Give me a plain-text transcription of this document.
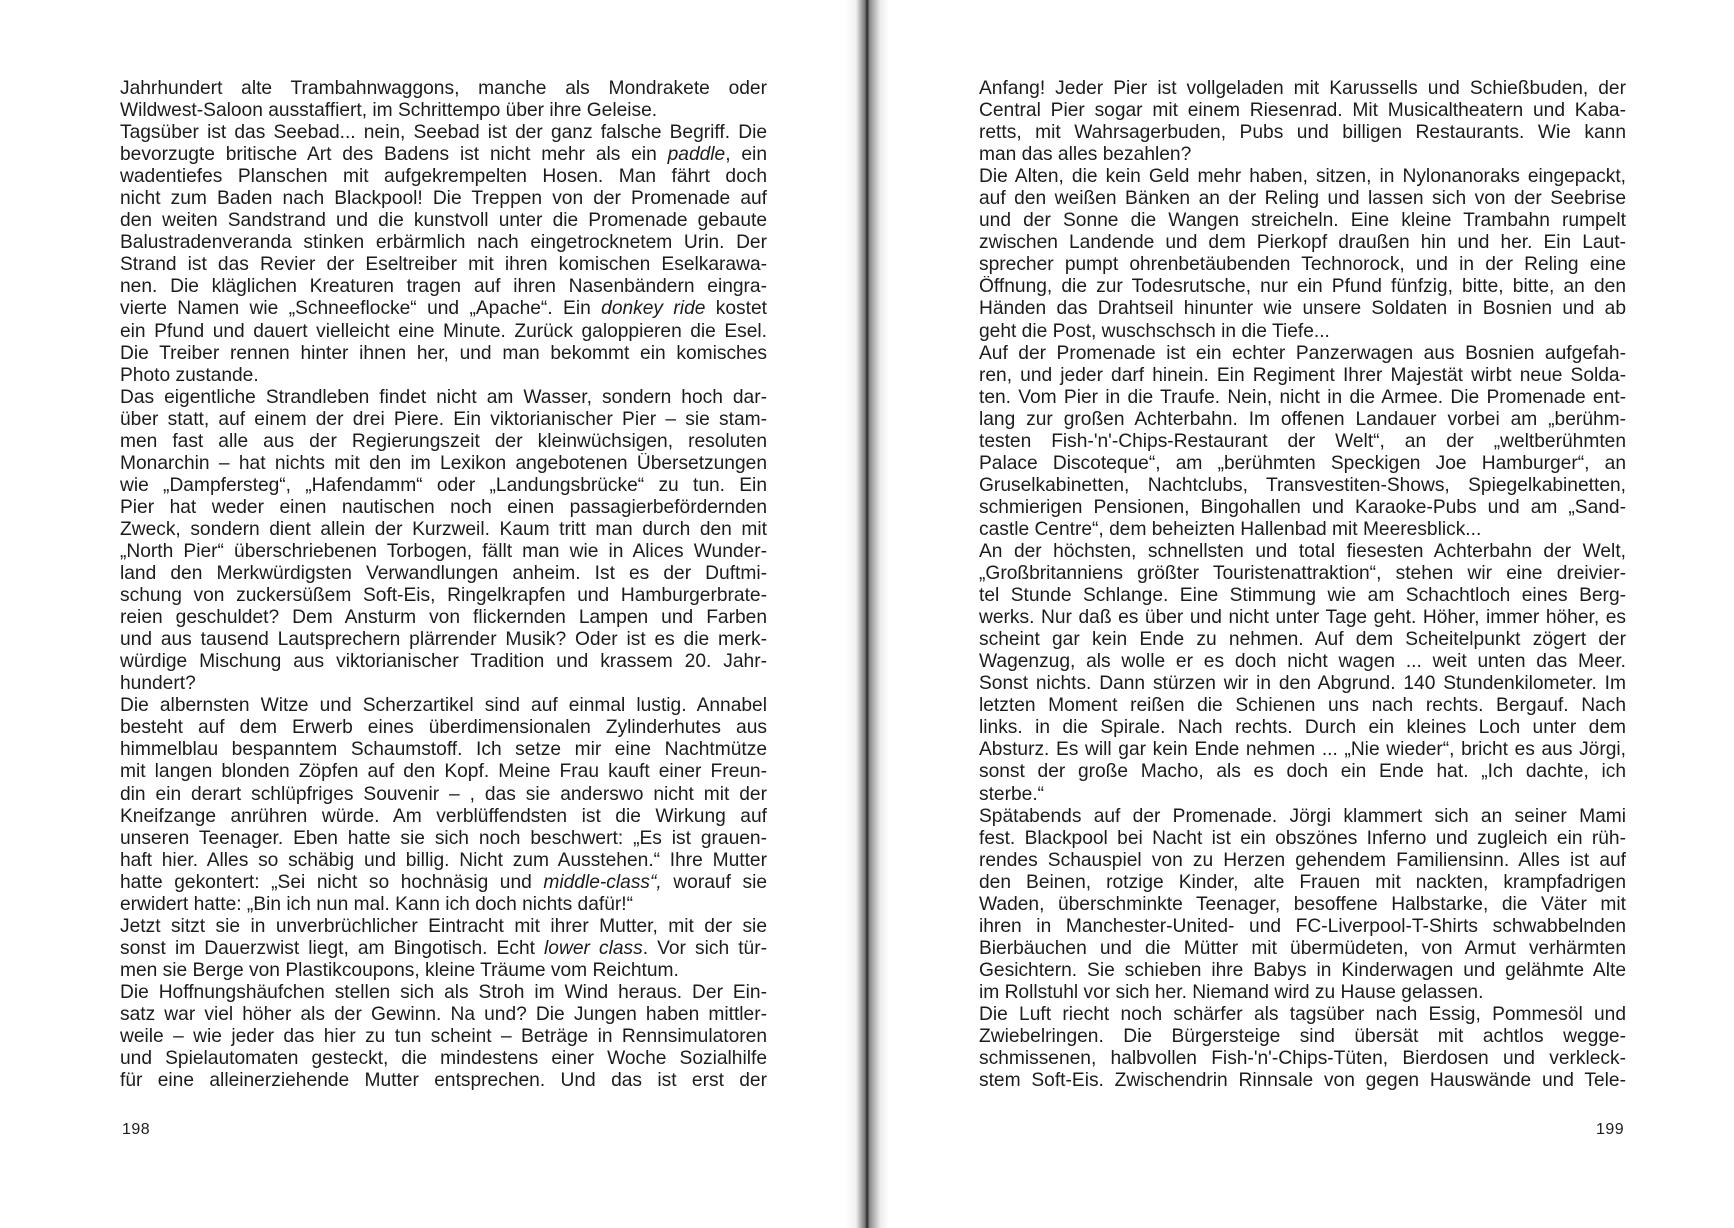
Jahrhundert alte Trambahnwaggons, manche als Mondrakete oder
Wildwest-Saloon ausstaffiert, im Schrittempo über ihre Geleise.
Tagsüber ist das Seebad... nein, Seebad ist der ganz falsche Begriff. Die
bevorzugte britische Art des Badens ist nicht mehr als ein paddle, ein
wadentiefes Planschen mit aufgekrempelten Hosen. Man fährt doch
nicht zum Baden nach Blackpool! Die Treppen von der Promenade auf
den weiten Sandstrand und die kunstvoll unter die Promenade gebaute
Balustradenveranda stinken erbärmlich nach eingetrocknetem Urin. Der
Strand ist das Revier der Eseltreiber mit ihren komischen Eselkarawa-
nen. Die kläglichen Kreaturen tragen auf ihren Nasenbändern eingra-
vierte Namen wie „Schneeflocke“ und „Apache“. Ein donkey ride kostet
ein Pfund und dauert vielleicht eine Minute. Zurück galoppieren die Esel.
Die Treiber rennen hinter ihnen her, und man bekommt ein komisches
Photo zustande.
Das eigentliche Strandleben findet nicht am Wasser, sondern hoch dar-
über statt, auf einem der drei Piere. Ein viktorianischer Pier – sie stam-
men fast alle aus der Regierungszeit der kleinwüchsigen, resoluten
Monarchin – hat nichts mit den im Lexikon angebotenen Übersetzungen
wie „Dampfersteg“, „Hafendamm“ oder „Landungsbrücke“ zu tun. Ein
Pier hat weder einen nautischen noch einen passagierbefördernden
Zweck, sondern dient allein der Kurzweil. Kaum tritt man durch den mit
„North Pier“ überschriebenen Torbogen, fällt man wie in Alices Wunder-
land den Merkwürdigsten Verwandlungen anheim. Ist es der Duftmi-
schung von zuckersüßem Soft-Eis, Ringelkrapfen und Hamburgerbrate-
reien geschuldet? Dem Ansturm von flickernden Lampen und Farben
und aus tausend Lautsprechern plärrender Musik? Oder ist es die merk-
würdige Mischung aus viktorianischer Tradition und krassem 20. Jahr-
hundert?
Die albernsten Witze und Scherzartikel sind auf einmal lustig. Annabel
besteht auf dem Erwerb eines überdimensionalen Zylinderhutes aus
himmelblau bespanntem Schaumstoff. Ich setze mir eine Nachtmütze
mit langen blonden Zöpfen auf den Kopf. Meine Frau kauft einer Freun-
din ein derart schlüpfriges Souvenir – , das sie anderswo nicht mit der
Kneifzange anrühren würde. Am verblüffendsten ist die Wirkung auf
unseren Teenager. Eben hatte sie sich noch beschwert: „Es ist grauen-
haft hier. Alles so schäbig und billig. Nicht zum Ausstehen.“ Ihre Mutter
hatte gekontert: „Sei nicht so hochnäsig und middle-class“, worauf sie
erwidert hatte: „Bin ich nun mal. Kann ich doch nichts dafür!“
Jetzt sitzt sie in unverbrüchlicher Eintracht mit ihrer Mutter, mit der sie
sonst im Dauerzwist liegt, am Bingotisch. Echt lower class. Vor sich tür-
men sie Berge von Plastikcoupons, kleine Träume vom Reichtum.
Die Hoffnungshäufchen stellen sich als Stroh im Wind heraus. Der Ein-
satz war viel höher als der Gewinn. Na und? Die Jungen haben mittler-
weile – wie jeder das hier zu tun scheint – Beträge in Rennsimulatoren
und Spielautomaten gesteckt, die mindestens einer Woche Sozialhilfe
für eine alleinerziehende Mutter entsprechen. Und das ist erst der
198
Anfang! Jeder Pier ist vollgeladen mit Karussells und Schießbuden, der
Central Pier sogar mit einem Riesenrad. Mit Musicaltheatern und Kaba-
retts, mit Wahrsagerbuden, Pubs und billigen Restaurants. Wie kann
man das alles bezahlen?
Die Alten, die kein Geld mehr haben, sitzen, in Nylonanoraks eingepackt,
auf den weißen Bänken an der Reling und lassen sich von der Seebrise
und der Sonne die Wangen streicheln. Eine kleine Trambahn rumpelt
zwischen Landende und dem Pierkopf draußen hin und her. Ein Laut-
sprecher pumpt ohrenbetäubenden Technorock, und in der Reling eine
Öffnung, die zur Todesrutsche, nur ein Pfund fünfzig, bitte, bitte, an den
Händen das Drahtseil hinunter wie unsere Soldaten in Bosnien und ab
geht die Post, wuschschsch in die Tiefe...
Auf der Promenade ist ein echter Panzerwagen aus Bosnien aufgefah-
ren, und jeder darf hinein. Ein Regiment Ihrer Majestät wirbt neue Solda-
ten. Vom Pier in die Traufe. Nein, nicht in die Armee. Die Promenade ent-
lang zur großen Achterbahn. Im offenen Landauer vorbei am „berühm-
testen Fish-'n'-Chips-Restaurant der Welt“, an der „weltberühmten
Palace Discoteque“, am „berühmten Speckigen Joe Hamburger“, an
Gruselkabinetten, Nachtclubs, Transvestiten-Shows, Spiegelkabinetten,
schmierigen Pensionen, Bingohallen und Karaoke-Pubs und am „Sand-
castle Centre“, dem beheizten Hallenbad mit Meeresblick...
An der höchsten, schnellsten und total fiesesten Achterbahn der Welt,
„Großbritanniens größter Touristenattraktion“, stehen wir eine dreivier-
tel Stunde Schlange. Eine Stimmung wie am Schachtloch eines Berg-
werks. Nur daß es über und nicht unter Tage geht. Höher, immer höher, es
scheint gar kein Ende zu nehmen. Auf dem Scheitelpunkt zögert der
Wagenzug, als wolle er es doch nicht wagen ... weit unten das Meer.
Sonst nichts. Dann stürzen wir in den Abgrund. 140 Stundenkilometer. Im
letzten Moment reißen die Schienen uns nach rechts. Bergauf. Nach
links. in die Spirale. Nach rechts. Durch ein kleines Loch unter dem
Absturz. Es will gar kein Ende nehmen ... „Nie wieder“, bricht es aus Jörgi,
sonst der große Macho, als es doch ein Ende hat. „Ich dachte, ich
sterbe.“
Spätabends auf der Promenade. Jörgi klammert sich an seiner Mami
fest. Blackpool bei Nacht ist ein obszönes Inferno und zugleich ein rüh-
rendes Schauspiel von zu Herzen gehendem Familiensinn. Alles ist auf
den Beinen, rotzige Kinder, alte Frauen mit nackten, krampfadrigen
Waden, überschminkte Teenager, besoffene Halbstarke, die Väter mit
ihren in Manchester-United- und FC-Liverpool-T-Shirts schwabbelnden
Bierbäuchen und die Mütter mit übermüdeten, von Armut verhärmten
Gesichtern. Sie schieben ihre Babys in Kinderwagen und gelähmte Alte
im Rollstuhl vor sich her. Niemand wird zu Hause gelassen.
Die Luft riecht noch schärfer als tagsüber nach Essig, Pommesöl und
Zwiebelringen. Die Bürgersteige sind übersät mit achtlos wegge-
schmissenen, halbvollen Fish-'n'-Chips-Tüten, Bierdosen und verkleck-
stem Soft-Eis. Zwischendrin Rinnsale von gegen Hauswände und Tele-
199
